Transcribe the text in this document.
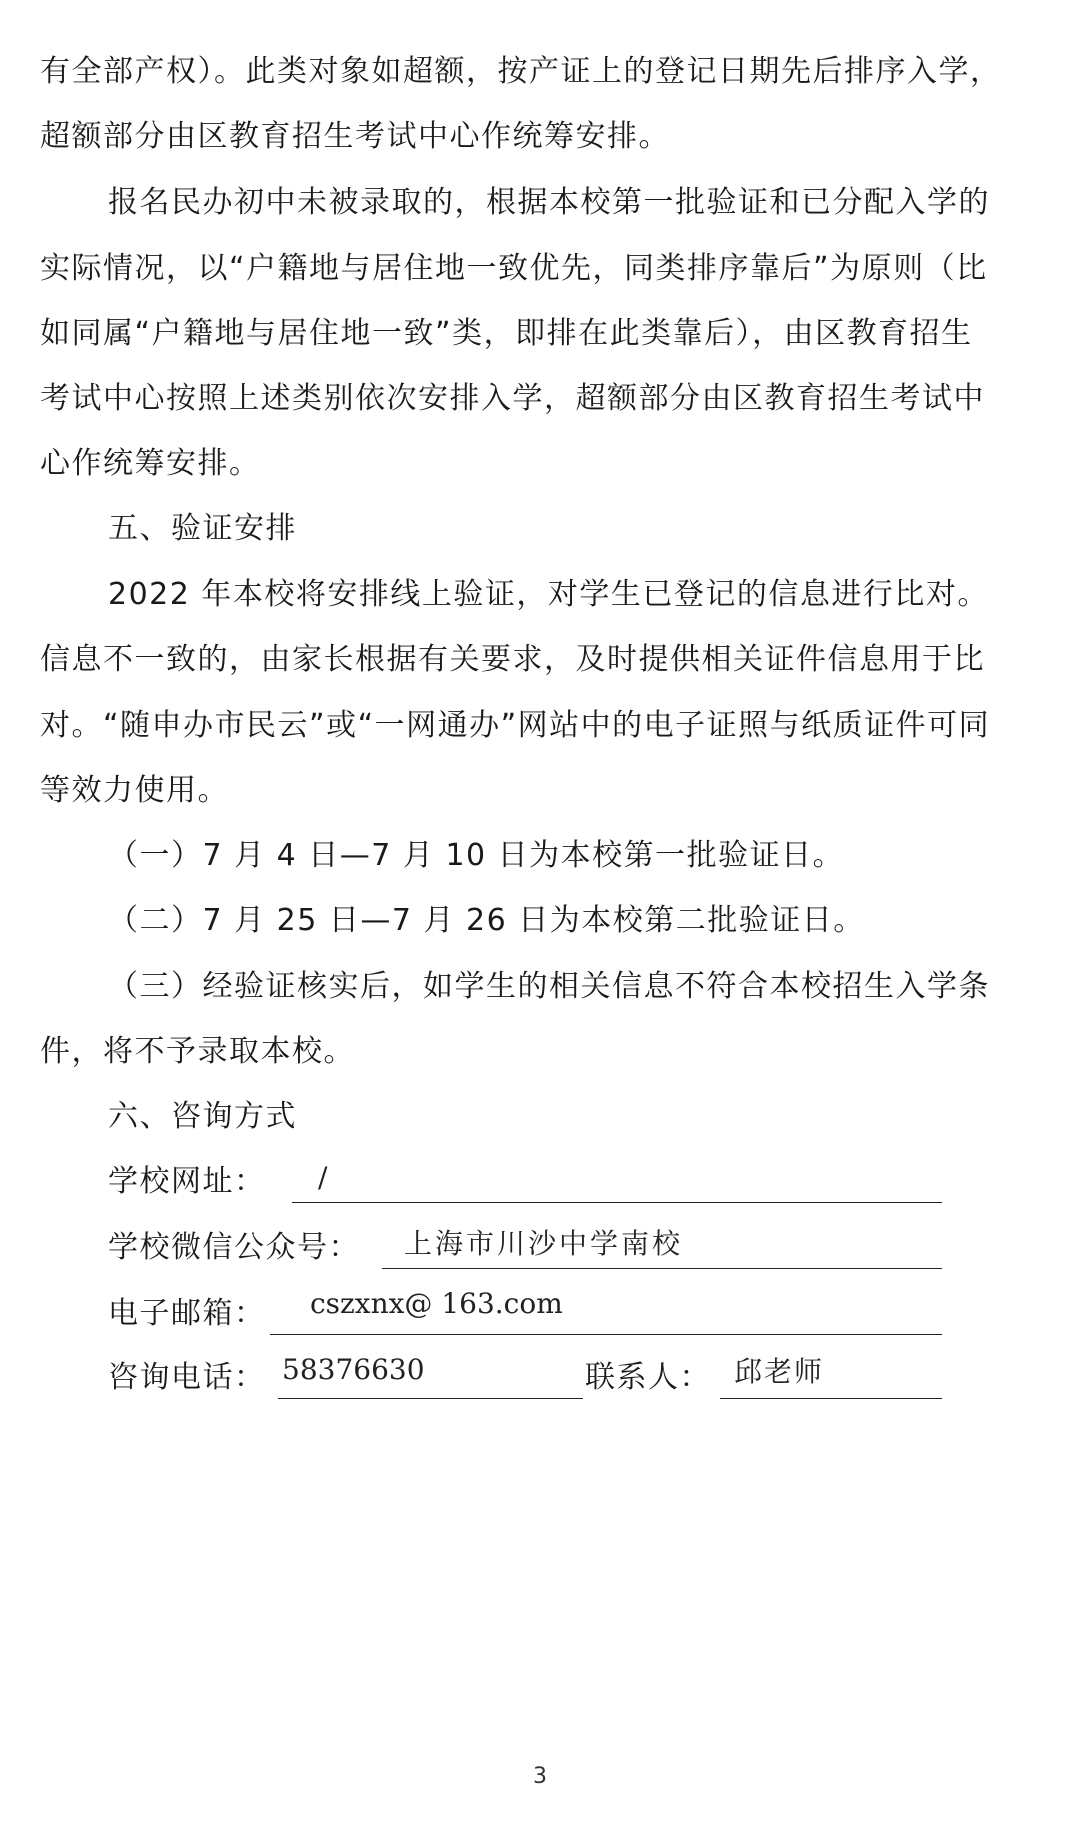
有全部产权）。此类对象如超额，按产证上的登记日期先后排序入学，
超额部分由区教育招生考试中心作统筹安排。
报名民办初中未被录取的，根据本校第一批验证和已分配入学的
实际情况，以“户籍地与居住地一致优先，同类排序靠后”为原则（比
如同属“户籍地与居住地一致”类，即排在此类靠后），由区教育招生
考试中心按照上述类别依次安排入学，超额部分由区教育招生考试中
心作统筹安排。
五、验证安排
2022 年本校将安排线上验证，对学生已登记的信息进行比对。
信息不一致的，由家长根据有关要求，及时提供相关证件信息用于比
对。“随申办市民云”或“一网通办”网站中的电子证照与纸质证件可同
等效力使用。
（一）7 月 4 日—7 月 10 日为本校第一批验证日。
（二）7 月 25 日—7 月 26 日为本校第二批验证日。
（三）经验证核实后，如学生的相关信息不符合本校招生入学条
件，将不予录取本校。
六、咨询方式
学校网址： /
学校微信公众号： 上海市川沙中学南校
电子邮箱： cszxnx@ 163.com
咨询电话： 58376630	联系人： 邱老师
3
